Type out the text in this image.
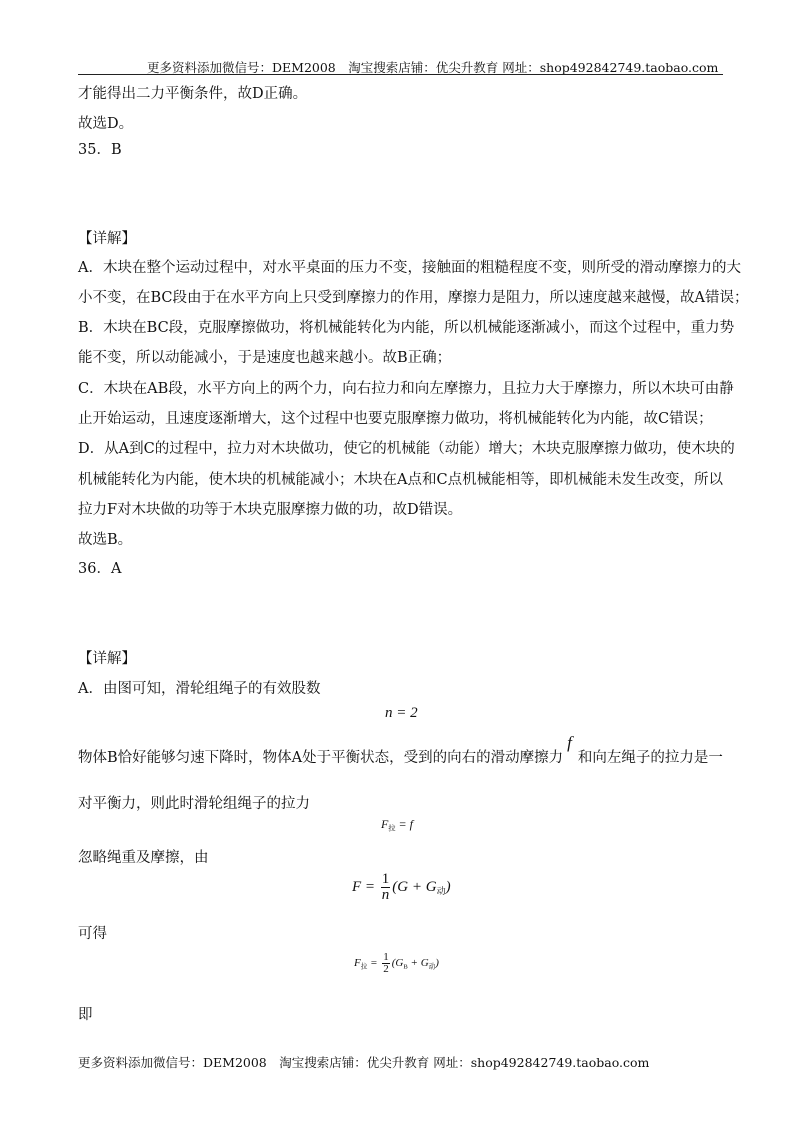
更多资料添加微信号：DEM2008　淘宝搜索店铺：优尖升教育 网址：shop492842749.taobao.com
才能得出二力平衡条件，故D正确。
故选D。
35．B
【详解】
A．木块在整个运动过程中，对水平桌面的压力不变，接触面的粗糙程度不变，则所受的滑动摩擦力的大
小不变，在BC段由于在水平方向上只受到摩擦力的作用，摩擦力是阻力，所以速度越来越慢，故A错误；
B．木块在BC段，克服摩擦做功，将机械能转化为内能，所以机械能逐渐减小，而这个过程中，重力势
能不变，所以动能减小，于是速度也越来越小。故B正确；
C．木块在AB段，水平方向上的两个力，向右拉力和向左摩擦力，且拉力大于摩擦力，所以木块可由静
止开始运动，且速度逐渐增大，这个过程中也要克服摩擦力做功，将机械能转化为内能，故C错误；
D．从A到C的过程中，拉力对木块做功，使它的机械能（动能）增大；木块克服摩擦力做功，使木块的
机械能转化为内能，使木块的机械能减小；木块在A点和C点机械能相等，即机械能未发生改变，所以
拉力F对木块做的功等于木块克服摩擦力做的功，故D错误。
故选B。
36．A
【详解】
A．由图可知，滑轮组绳子的有效股数
n = 2
物体B恰好能够匀速下降时，物体A处于平衡状态，受到的向右的滑动摩擦力f和向左绳子的拉力是一
对平衡力，则此时滑轮组绳子的拉力
$F_拉 = f$
忽略绳重及摩擦，由
$F = \frac{1}{n} (G + G_动)$
可得
$F_拉 = \frac{1}{2} (G_B + G_动)$
即
更多资料添加微信号：DEM2008　淘宝搜索店铺：优尖升教育 网址：shop492842749.taobao.com
